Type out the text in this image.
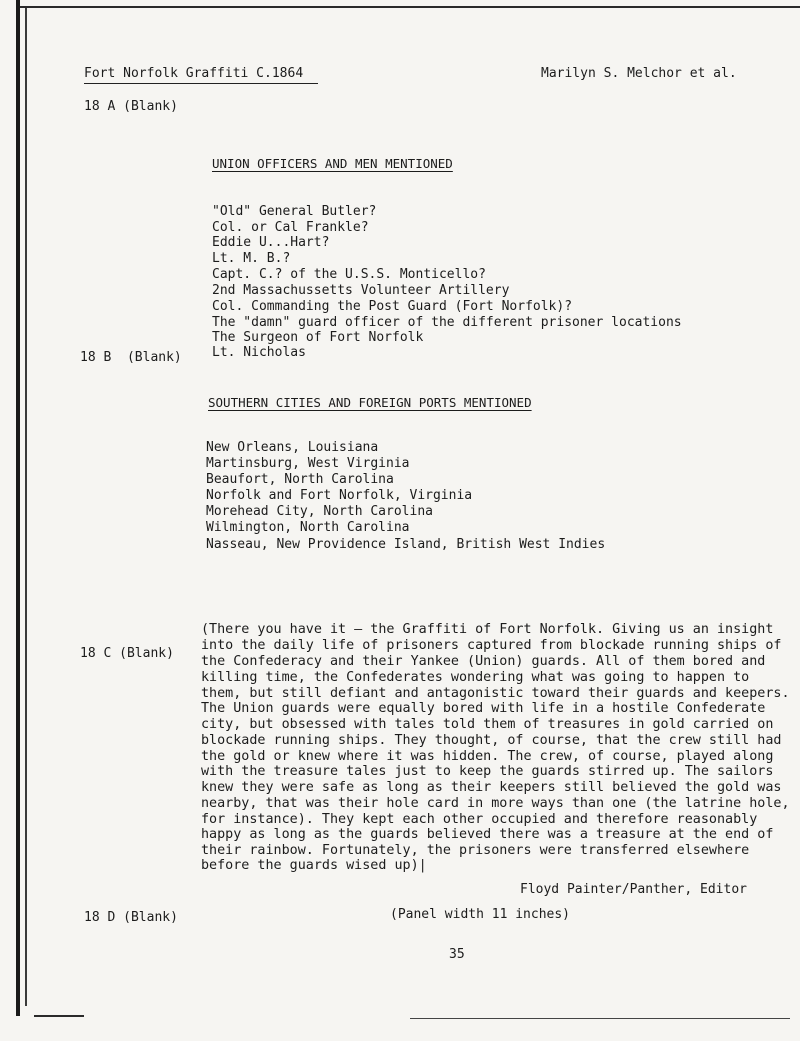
Fort Norfolk Graffiti C.1864	Marilyn S. Melchor et al.
18 A (Blank)
18 B  (Blank)
18 C (Blank)
18 D (Blank)
UNION OFFICERS AND MEN MENTIONED
"Old" General Butler?
Col. or Cal Frankle?
Eddie U...Hart?
Lt. M. B.?
Capt. C.? of the U.S.S. Monticello?
2nd Massachussetts Volunteer Artillery
Col. Commanding the Post Guard (Fort Norfolk)?
The "damn" guard officer of the different prisoner locations
The Surgeon of Fort Norfolk
Lt. Nicholas
SOUTHERN CITIES AND FOREIGN PORTS MENTIONED
New Orleans, Louisiana
Martinsburg, West Virginia
Beaufort, North Carolina
Norfolk and Fort Norfolk, Virginia
Morehead City, North Carolina
Wilmington, North Carolina
Nasseau, New Providence Island, British West Indies
(There you have it — the Graffiti of Fort Norfolk. Giving us an insight
into the daily life of prisoners captured from blockade running ships of
the Confederacy and their Yankee (Union) guards. All of them bored and
killing time, the Confederates wondering what was going to happen to
them, but still defiant and antagonistic toward their guards and keepers.
The Union guards were equally bored with life in a hostile Confederate
city, but obsessed with tales told them of treasures in gold carried on
blockade running ships. They thought, of course, that the crew still had
the gold or knew where it was hidden. The crew, of course, played along
with the treasure tales just to keep the guards stirred up. The sailors
knew they were safe as long as their keepers still believed the gold was
nearby, that was their hole card in more ways than one (the latrine hole,
for instance). They kept each other occupied and therefore reasonably
happy as long as the guards believed there was a treasure at the end of
their rainbow. Fortunately, the prisoners were transferred elsewhere
before the guards wised up)|
Floyd Painter/Panther, Editor
(Panel width 11 inches)
35
